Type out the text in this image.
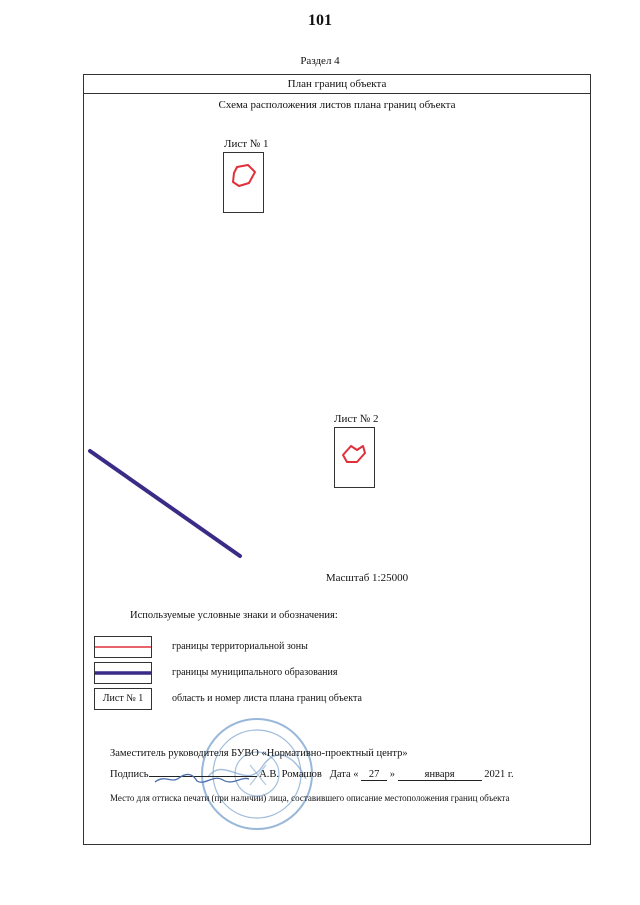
101
Раздел 4
План границ объекта
Схема расположения листов плана границ объекта
Лист № 1
Лист № 2
Масштаб 1:25000
Используемые условные знаки и обозначения:
границы территориальной зоны
границы муниципального образования
Лист № 1	область и номер листа плана границ объекта
Заместитель руководителя БУВО «Нормативно-проектный центр»
Подпись	А.В. Ромашов Дата « 27 »	января	2021 г.
Место для оттиска печати (при наличии) лица, составившего описание местоположения границ объекта
